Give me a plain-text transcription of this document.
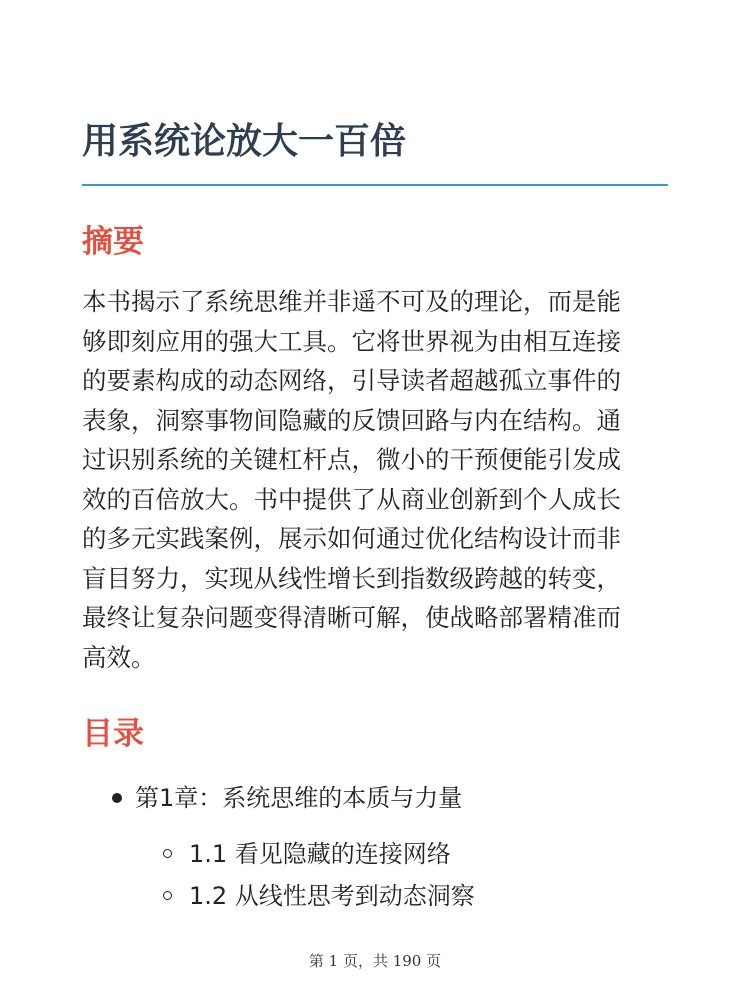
用系统论放大一百倍
摘要

本书揭示了系统思维并非遥不可及的理论，而是能
够即刻应用的强大工具。它将世界视为由相互连接
的要素构成的动态网络，引导读者超越孤立事件的
表象，洞察事物间隐藏的反馈回路与内在结构。通
过识别系统的关键杠杆点，微小的干预便能引发成
效的百倍放大。书中提供了从商业创新到个人成长
的多元实践案例，展示如何通过优化结构设计而非
盲目努力，实现从线性增长到指数级跨越的转变，
最终让复杂问题变得清晰可解，使战略部署精准而
高效。

目录
第1章：系统思维的本质与力量
1.1 看见隐藏的连接网络
1.2 从线性思考到动态洞察
第 1 页，共 190 页
